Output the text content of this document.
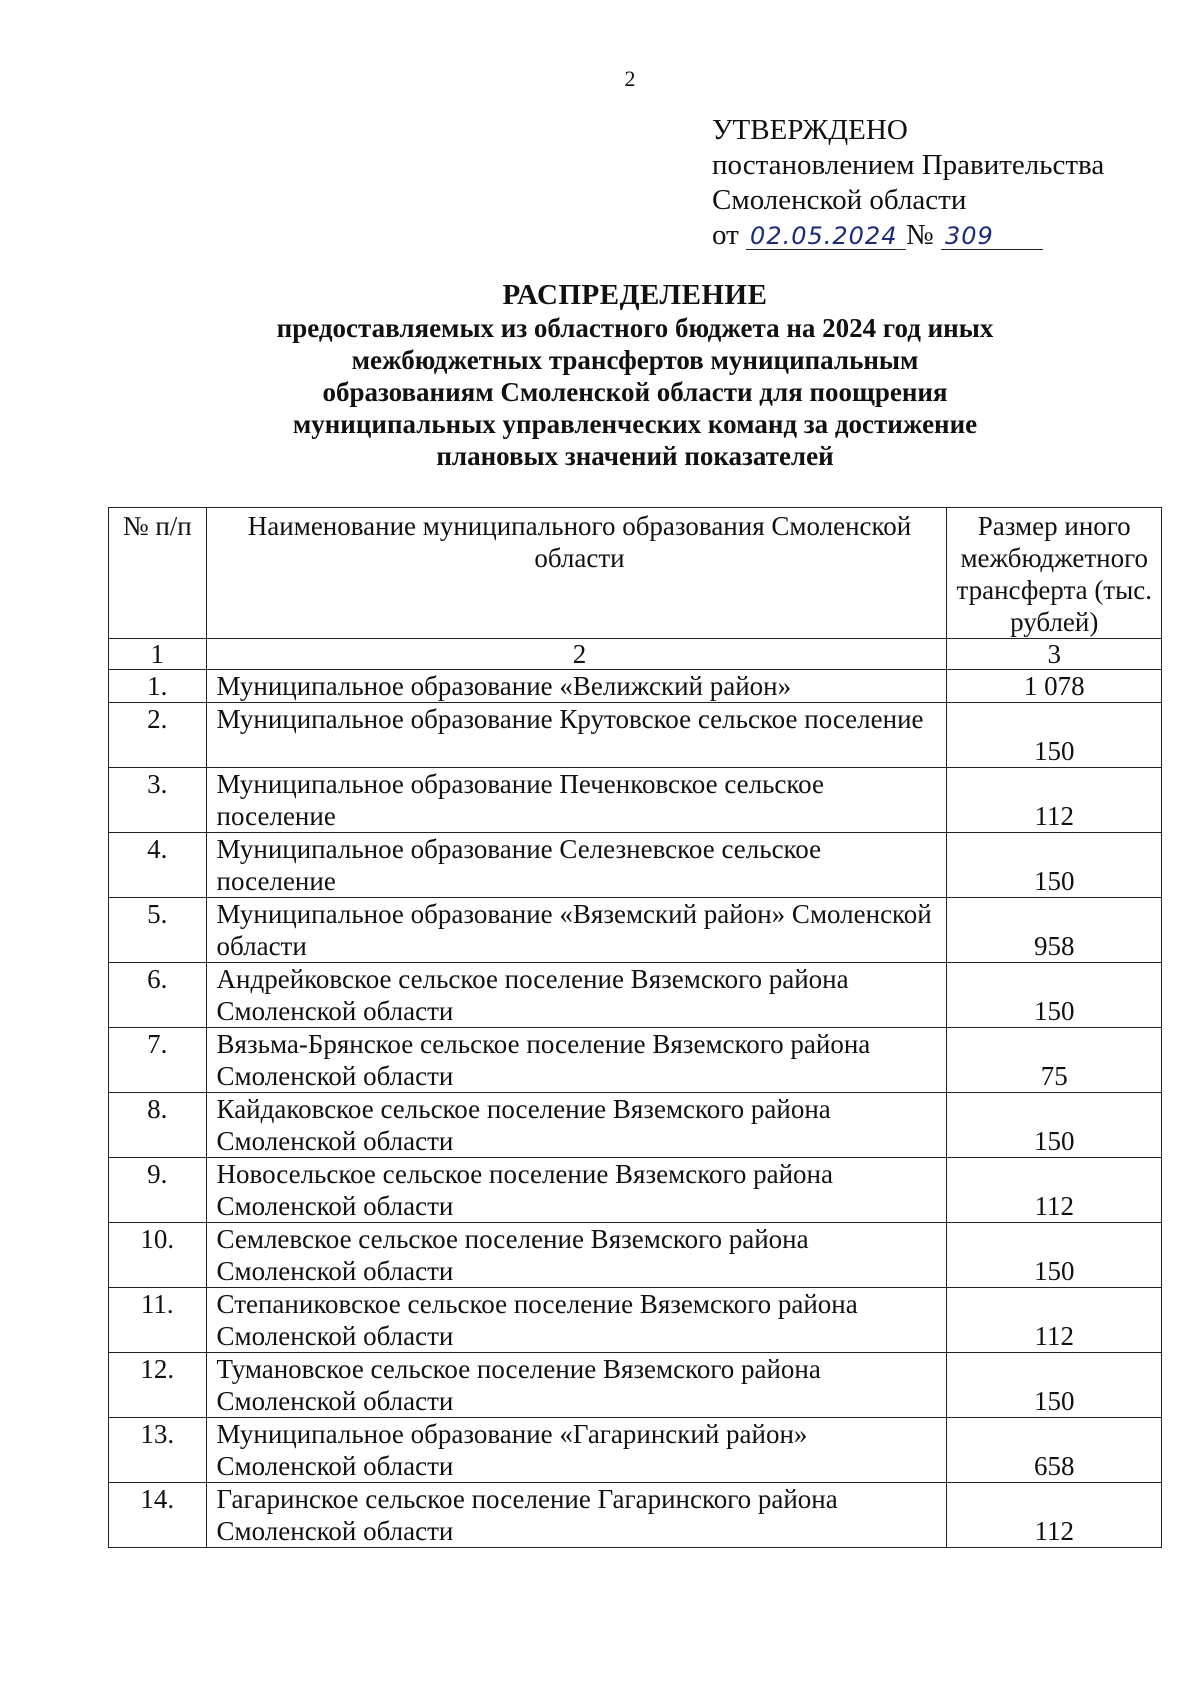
2
УТВЕРЖДЕНО
постановлением Правительства
Смоленской области
от 02.05.2024 № 309
РАСПРЕДЕЛЕНИЕ
предоставляемых из областного бюджета на 2024 год иных межбюджетных трансфертов муниципальным образованиям Смоленской области для поощрения муниципальных управленческих команд за достижение плановых значений показателей
№ п/п	Наименование муниципального образования Смоленской области	Размер иного межбюджетного трансферта (тыс. рублей)
1	2	3
1.	Муниципальное образование «Велижский район»	1 078
2.	Муниципальное образование Крутовское сельское поселение	150
3.	Муниципальное образование Печенковское сельское поселение	112
4.	Муниципальное образование Селезневское сельское поселение	150
5.	Муниципальное образование «Вяземский район» Смоленской области	958
6.	Андрейковское сельское поселение Вяземского района Смоленской области	150
7.	Вязьма-Брянское сельское поселение Вяземского района Смоленской области	75
8.	Кайдаковское сельское поселение Вяземского района Смоленской области	150
9.	Новосельское сельское поселение Вяземского района Смоленской области	112
10.	Семлевское сельское поселение Вяземского района Смоленской области	150
11.	Степаниковское сельское поселение Вяземского района Смоленской области	112
12.	Тумановское сельское поселение Вяземского района Смоленской области	150
13.	Муниципальное образование «Гагаринский район» Смоленской области	658
14.	Гагаринское сельское поселение Гагаринского района Смоленской области	112
